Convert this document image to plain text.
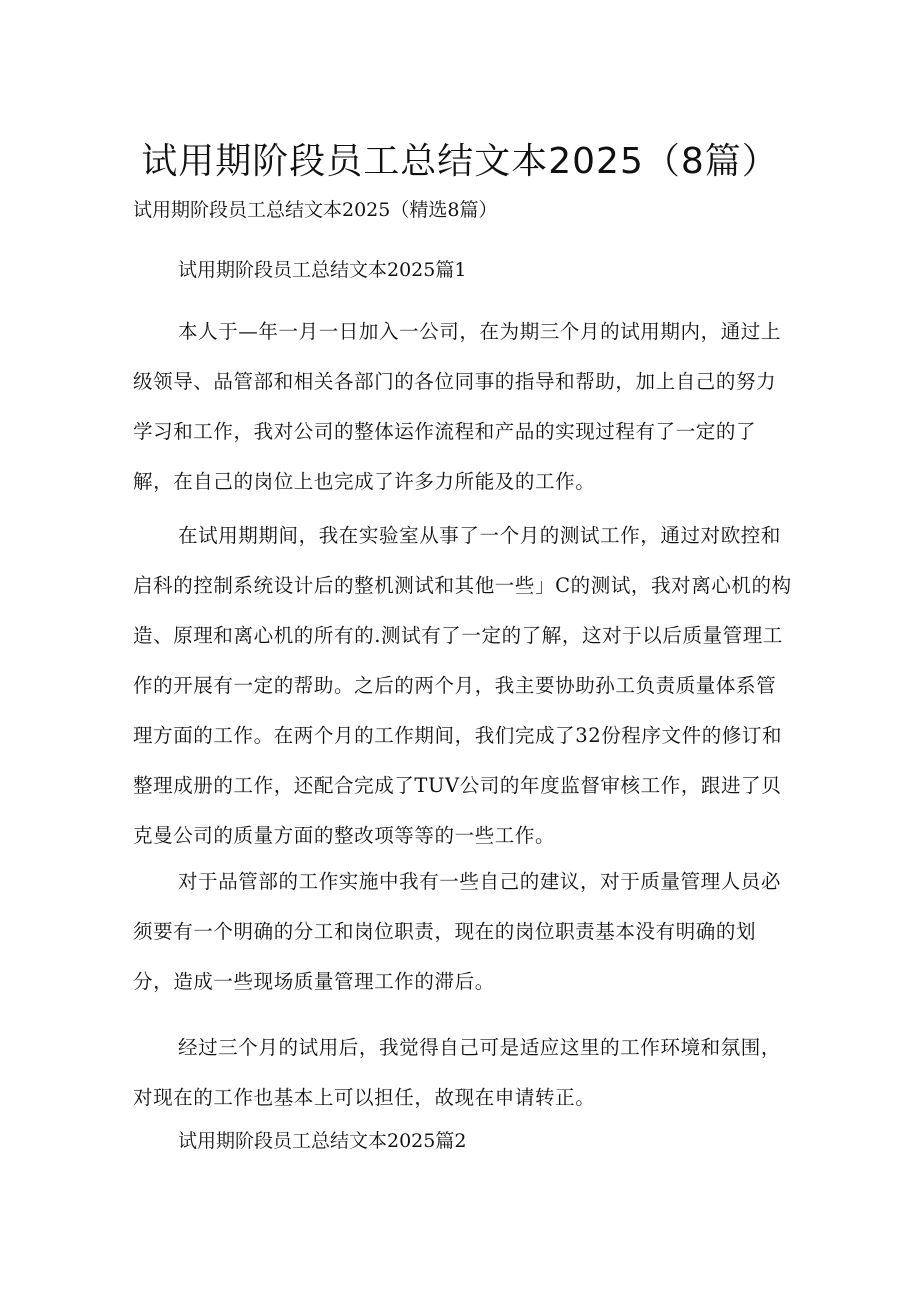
试用期阶段员工总结文本2025（8篇）

试用期阶段员工总结文本2025（精选8篇）

试用期阶段员工总结文本2025篇1

本人于—年一月一日加入一公司，在为期三个月的试用期内，通过上级领导、品管部和相关各部门的各位同事的指导和帮助，加上自己的努力学习和工作，我对公司的整体运作流程和产品的实现过程有了一定的了解，在自己的岗位上也完成了许多力所能及的工作。

在试用期期间，我在实验室从事了一个月的测试工作，通过对欧控和启科的控制系统设计后的整机测试和其他一些」C的测试，我对离心机的构造、原理和离心机的所有的.测试有了一定的了解，这对于以后质量管理工作的开展有一定的帮助。之后的两个月，我主要协助孙工负责质量体系管理方面的工作。在两个月的工作期间，我们完成了32份程序文件的修订和整理成册的工作，还配合完成了TUV公司的年度监督审核工作，跟进了贝克曼公司的质量方面的整改项等等的一些工作。

对于品管部的工作实施中我有一些自己的建议，对于质量管理人员必须要有一个明确的分工和岗位职责，现在的岗位职责基本没有明确的划分，造成一些现场质量管理工作的滞后。

经过三个月的试用后，我觉得自己可是适应这里的工作环境和氛围，对现在的工作也基本上可以担任，故现在申请转正。

试用期阶段员工总结文本2025篇2
